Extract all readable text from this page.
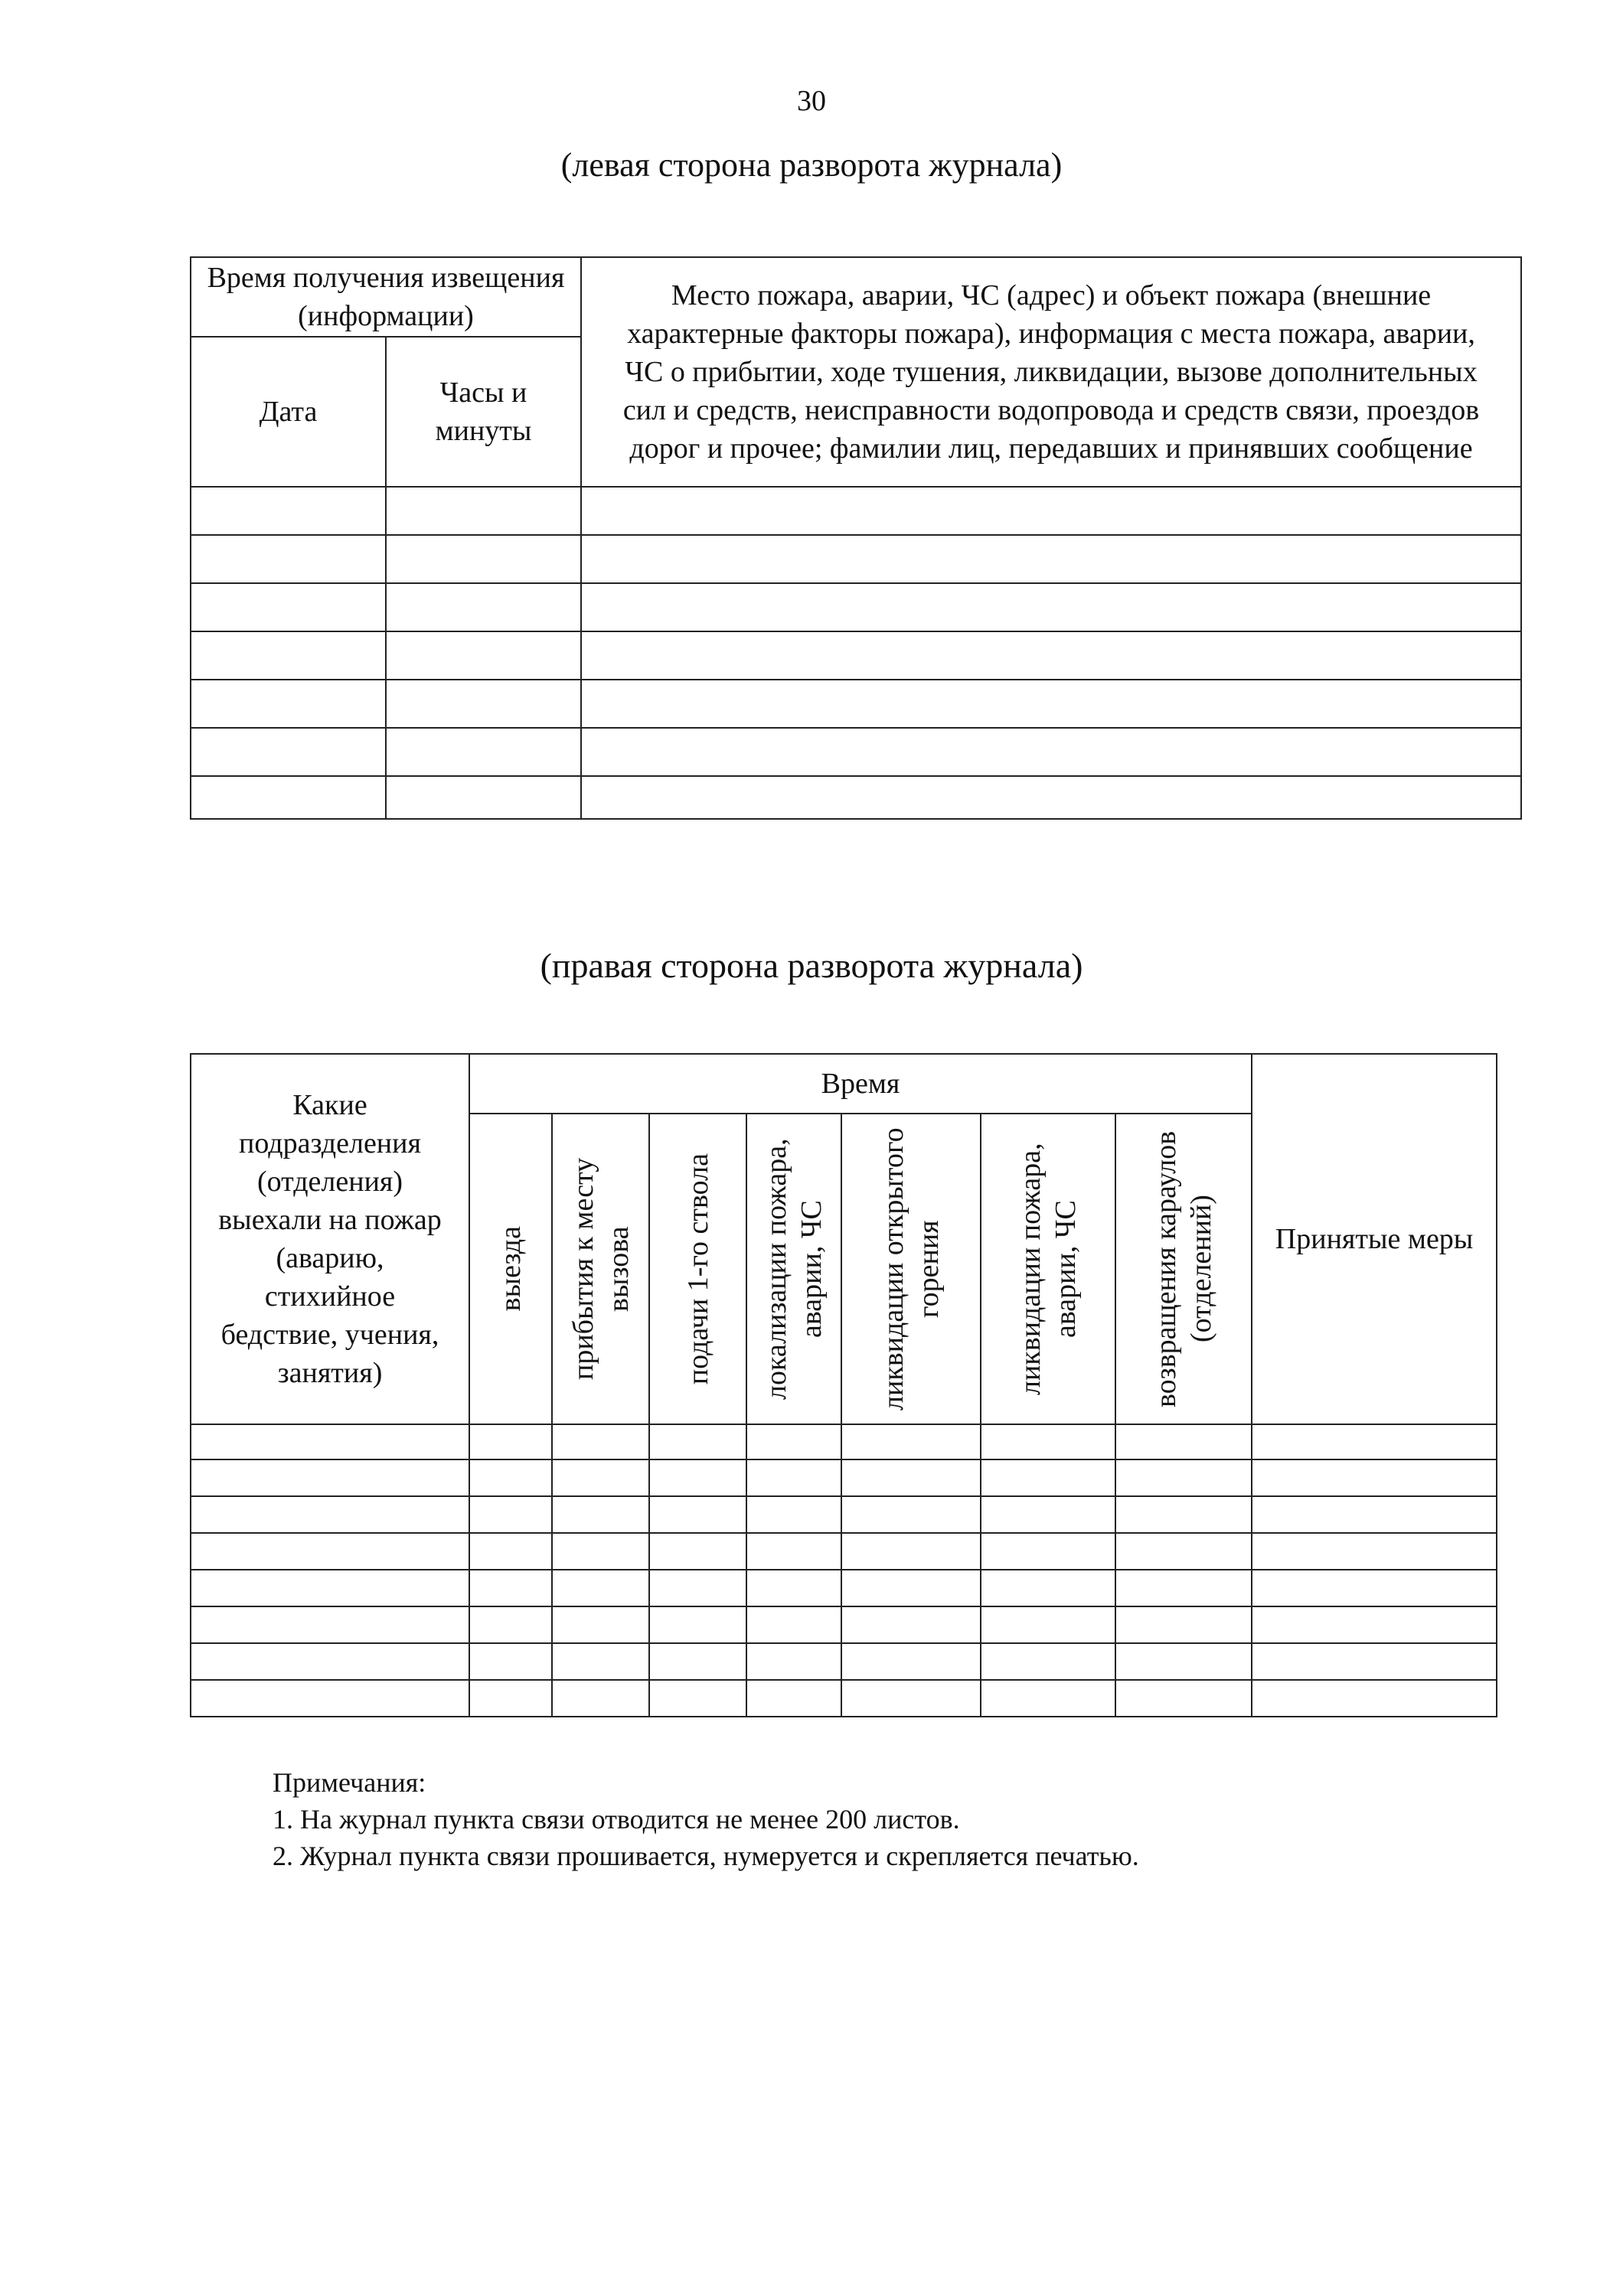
30
(левая сторона разворота журнала)
Время получения извещения (информации)		Место пожара, аварии, ЧС (адрес) и объект пожара (внешние характерные факторы пожара), информация с места пожара, аварии, ЧС о прибытии, ходе тушения, ликвидации, вызове дополнительных сил и средств, неисправности водопровода и средств связи, проездов дорог и прочее; фамилии лиц, передавших и принявших сообщение
Дата	Часы и минуты	

(правая сторона разворота журнала)
Какие подразделения (отделения) выехали на пожар (аварию, стихийное бедствие, учения, занятия)	Время							Принятые меры

	выезда	прибытия к месту вызова	подачи 1-го ствола	локализации пожара, аварии, ЧС	ликвидации открытого горения	ликвидации пожара, аварии, ЧС	возвращения караулов (отделений)	

Примечания:
1. На журнал пункта связи отводится не менее 200 листов.
2. Журнал пункта связи прошивается, нумеруется и скрепляется печатью.
